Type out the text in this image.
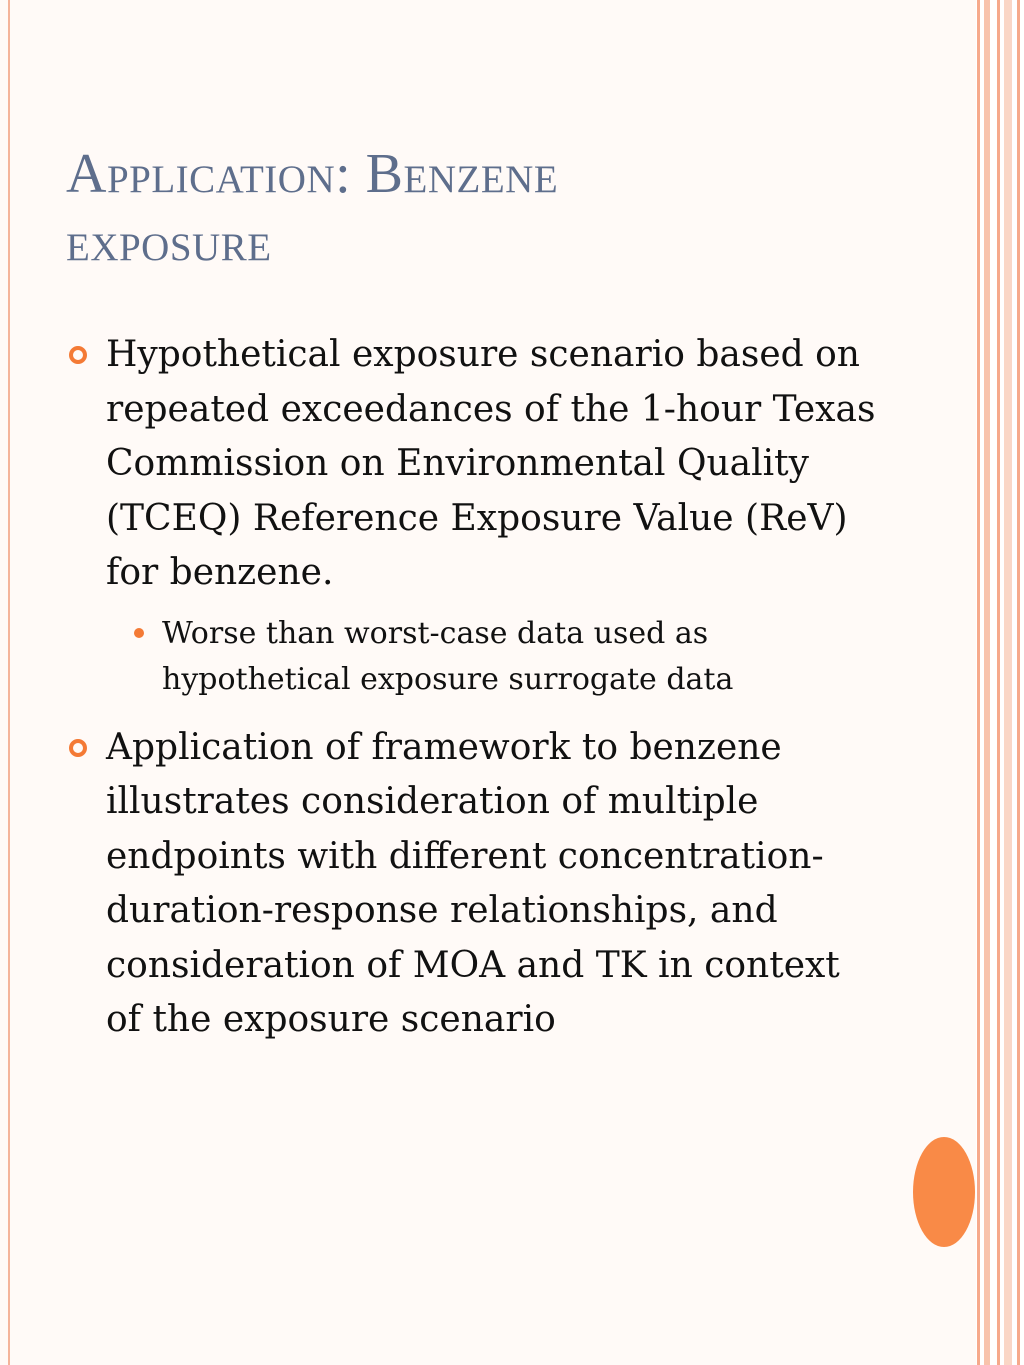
Application: Benzene
exposure
Hypothetical exposure scenario based on repeated exceedances of the 1-hour Texas Commission on Environmental Quality (TCEQ) Reference Exposure Value (ReV) for benzene.
Worse than worst-case data used as hypothetical exposure surrogate data
Application of framework to benzene illustrates consideration of multiple endpoints with different concentration-duration-response relationships, and consideration of MOA and TK in context of the exposure scenario
